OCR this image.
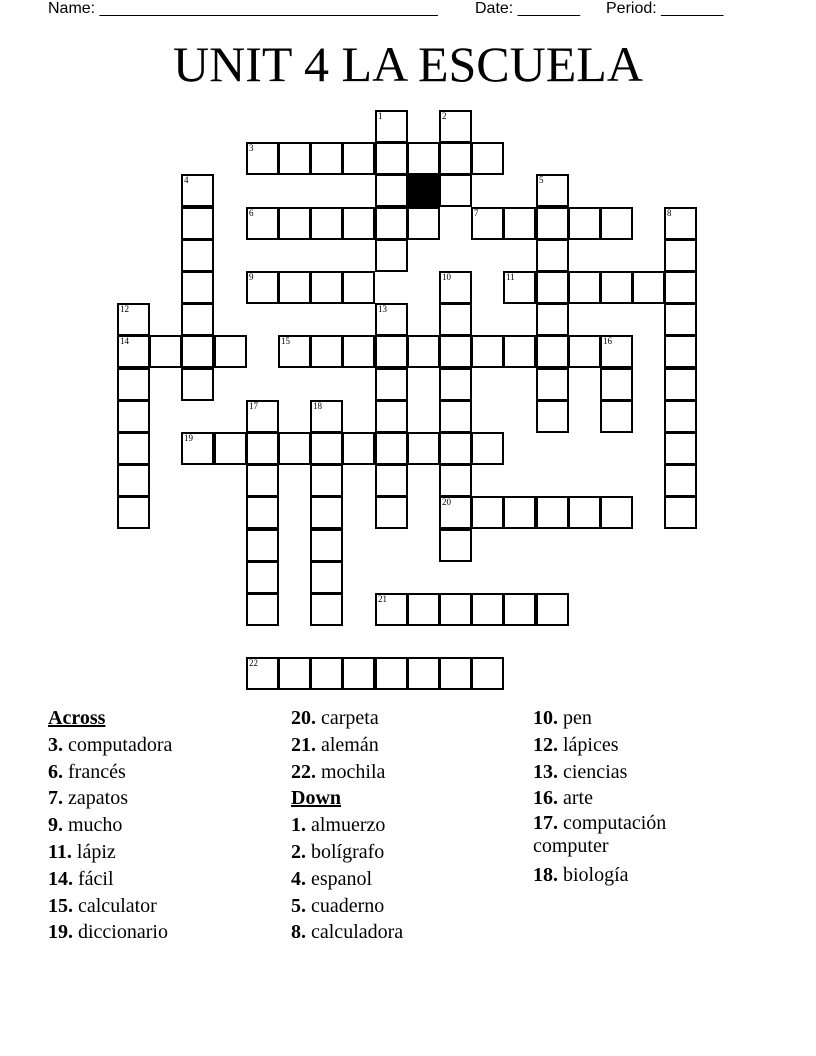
Name: ______________________________________ Date: _______ Period: _______
UNIT 4 LA ESCUELA
3
6	7
9	11
14	15	16
19
20
21
22
1	2
4	5
8
10
12	13
17	18
Across
3. computadora
6. francés
7. zapatos
9. mucho
11. lápiz
14. fácil
15. calculator
19. diccionario
20. carpeta
21. alemán
22. mochila
Down
1. almuerzo
2. bolígrafo
4. espanol
5. cuaderno
8. calculadora
10. pen
12. lápices
13. ciencias
16. arte
17. computación computer
18. biología
